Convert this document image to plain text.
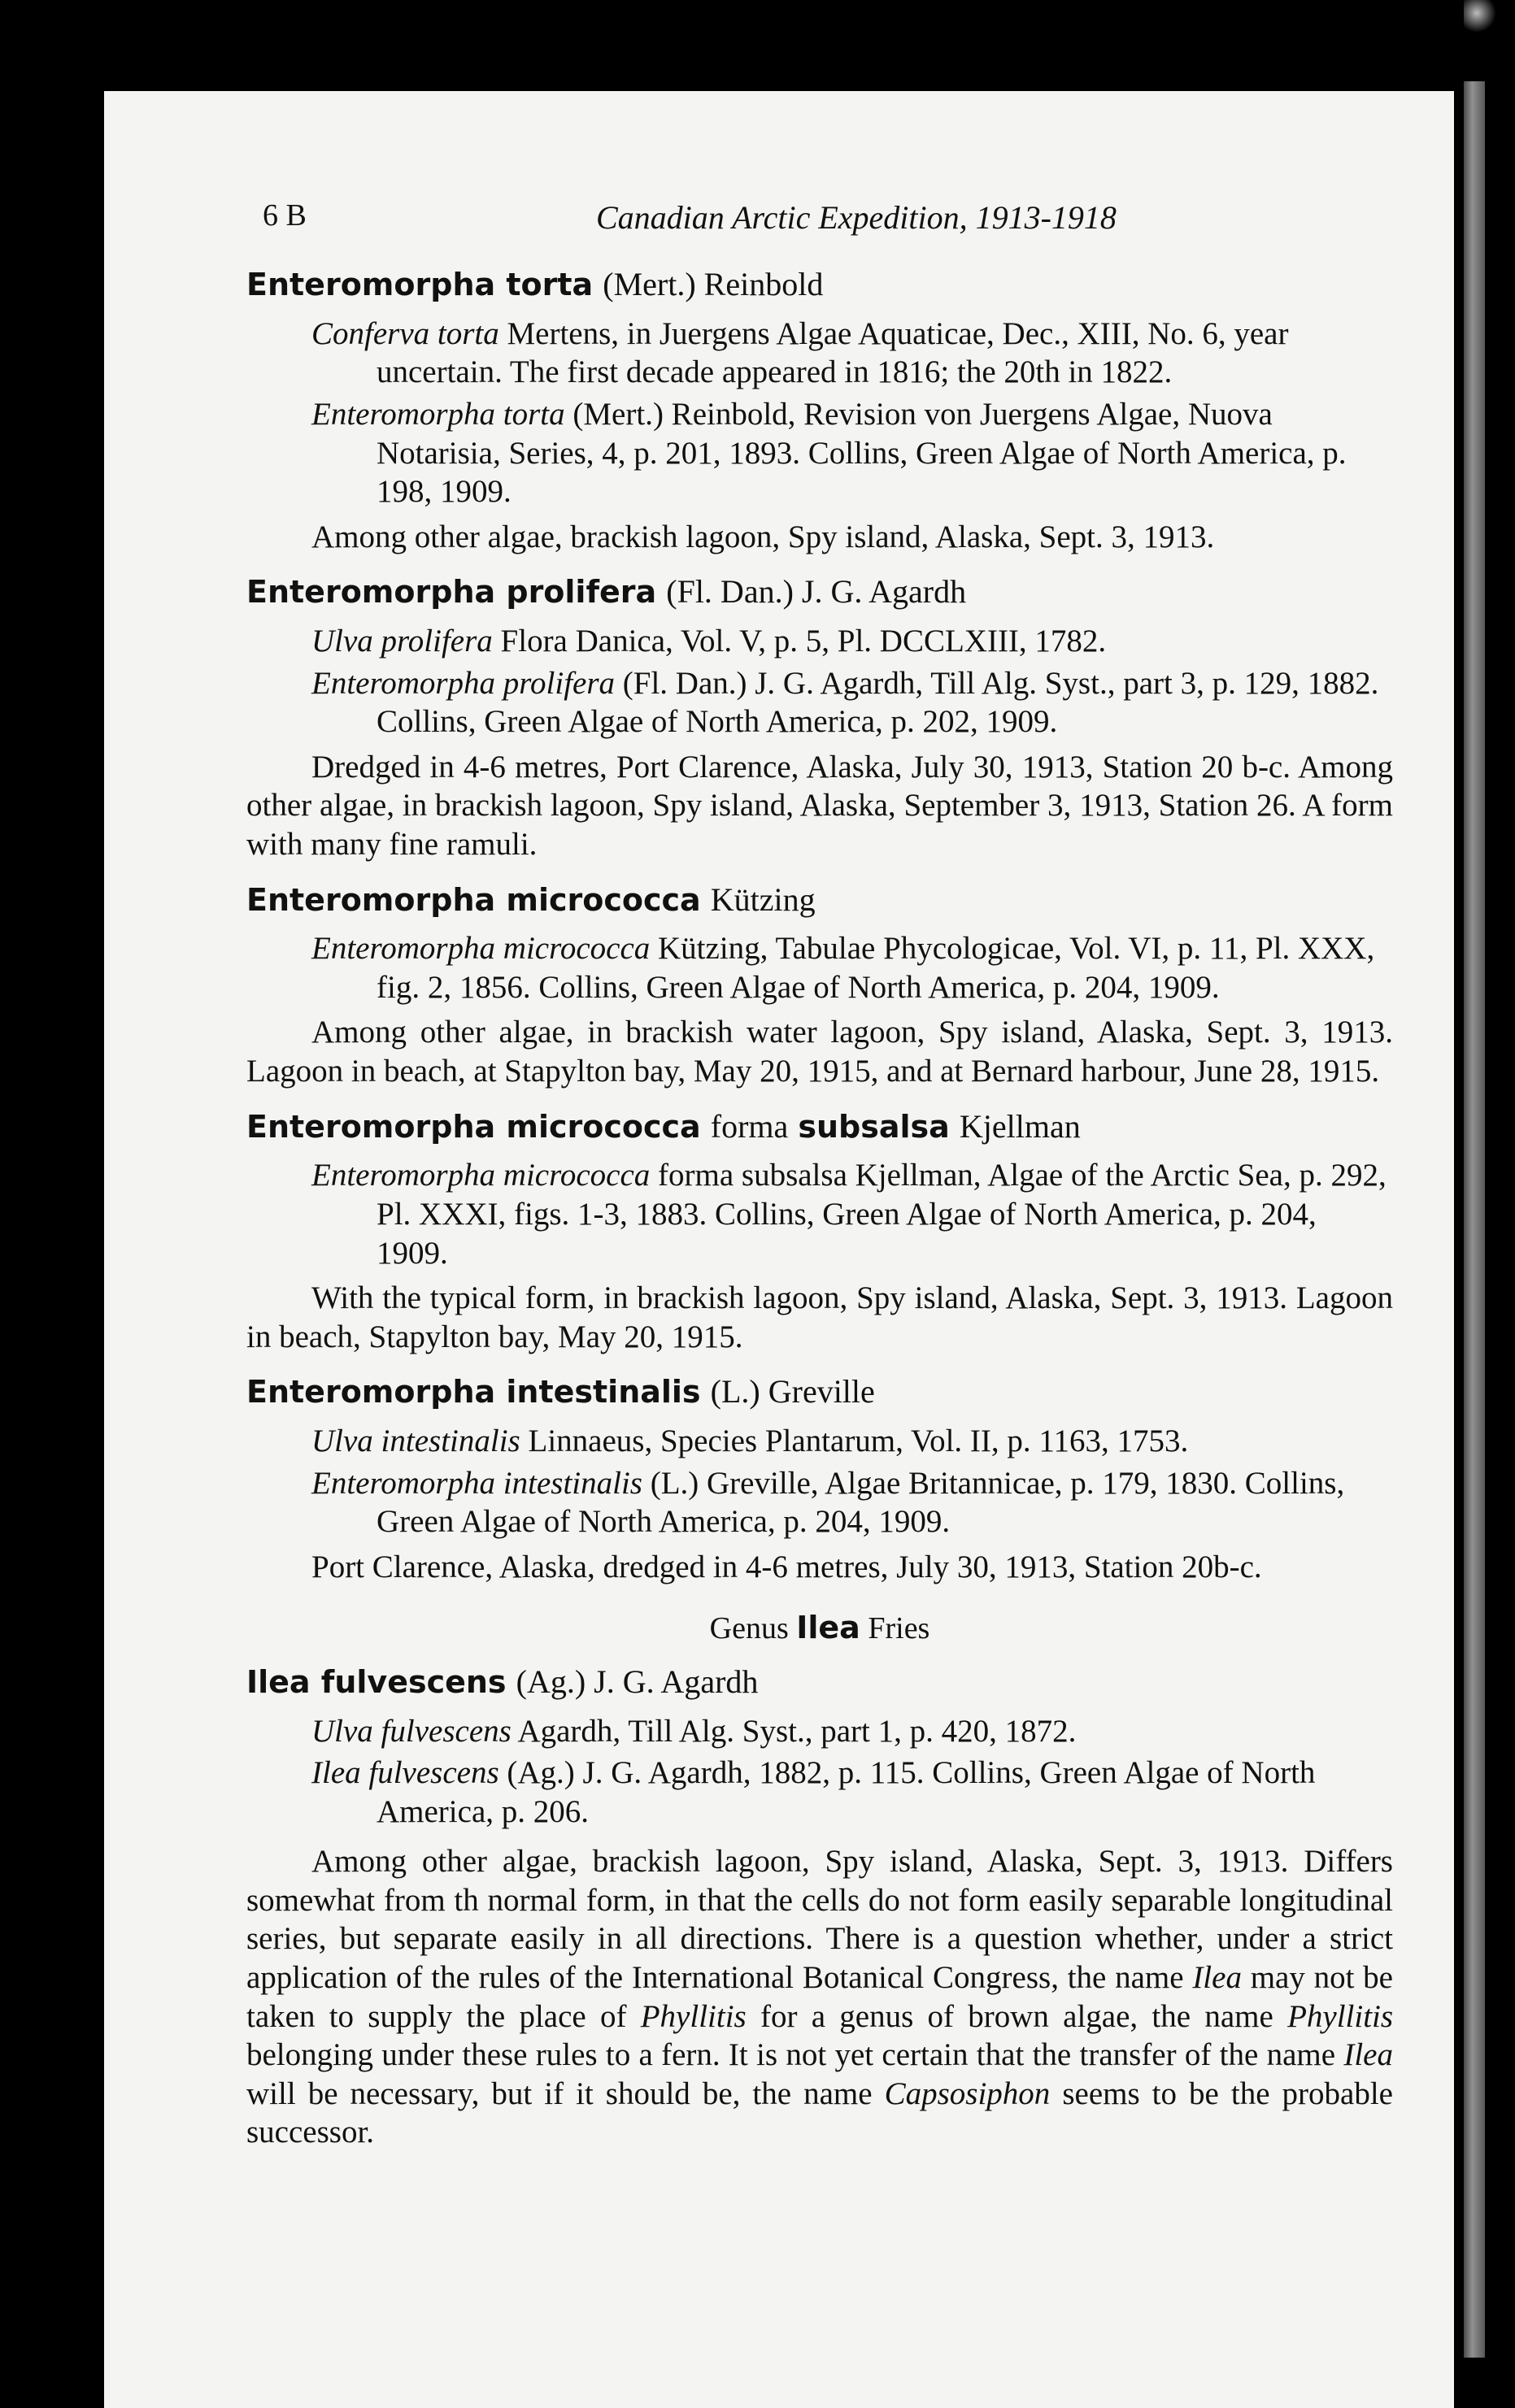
6 B	Canadian Arctic Expedition, 1913-1918
Enteromorpha torta (Mert.) Reinbold
Conferva torta Mertens, in Juergens Algae Aquaticae, Dec., XIII, No. 6, year uncertain. The first decade appeared in 1816; the 20th in 1822.
Enteromorpha torta (Mert.) Reinbold, Revision von Juergens Algae, Nuova Notarisia, Series, 4, p. 201, 1893. Collins, Green Algae of North America, p. 198, 1909.

Among other algae, brackish lagoon, Spy island, Alaska, Sept. 3, 1913.

Enteromorpha prolifera (Fl. Dan.) J. G. Agardh
Ulva prolifera Flora Danica, Vol. V, p. 5, Pl. DCCLXIII, 1782.
Enteromorpha prolifera (Fl. Dan.) J. G. Agardh, Till Alg. Syst., part 3, p. 129, 1882. Collins, Green Algae of North America, p. 202, 1909.

Dredged in 4-6 metres, Port Clarence, Alaska, July 30, 1913, Station 20 b-c. Among other algae, in brackish lagoon, Spy island, Alaska, September 3, 1913, Station 26. A form with many fine ramuli.

Enteromorpha micrococca Kützing
Enteromorpha micrococca Kützing, Tabulae Phycologicae, Vol. VI, p. 11, Pl. XXX, fig. 2, 1856. Collins, Green Algae of North America, p. 204, 1909.

Among other algae, in brackish water lagoon, Spy island, Alaska, Sept. 3, 1913. Lagoon in beach, at Stapylton bay, May 20, 1915, and at Bernard harbour, June 28, 1915.

Enteromorpha micrococca forma subsalsa Kjellman
Enteromorpha micrococca forma subsalsa Kjellman, Algae of the Arctic Sea, p. 292, Pl. XXXI, figs. 1-3, 1883. Collins, Green Algae of North America, p. 204, 1909.

With the typical form, in brackish lagoon, Spy island, Alaska, Sept. 3, 1913. Lagoon in beach, Stapylton bay, May 20, 1915.

Enteromorpha intestinalis (L.) Greville
Ulva intestinalis Linnaeus, Species Plantarum, Vol. II, p. 1163, 1753.
Enteromorpha intestinalis (L.) Greville, Algae Britannicae, p. 179, 1830. Collins, Green Algae of North America, p. 204, 1909.

Port Clarence, Alaska, dredged in 4-6 metres, July 30, 1913, Station 20b-c.

Genus Ilea Fries
Ilea fulvescens (Ag.) J. G. Agardh
Ulva fulvescens Agardh, Till Alg. Syst., part 1, p. 420, 1872.
Ilea fulvescens (Ag.) J. G. Agardh, 1882, p. 115. Collins, Green Algae of North America, p. 206.

Among other algae, brackish lagoon, Spy island, Alaska, Sept. 3, 1913. Differs somewhat from th normal form, in that the cells do not form easily separable longitudinal series, but separate easily in all directions. There is a question whether, under a strict application of the rules of the International Botanical Congress, the name Ilea may not be taken to supply the place of Phyllitis for a genus of brown algae, the name Phyllitis belonging under these rules to a fern. It is not yet certain that the transfer of the name Ilea will be necessary, but if it should be, the name Capsosiphon seems to be the probable successor.
